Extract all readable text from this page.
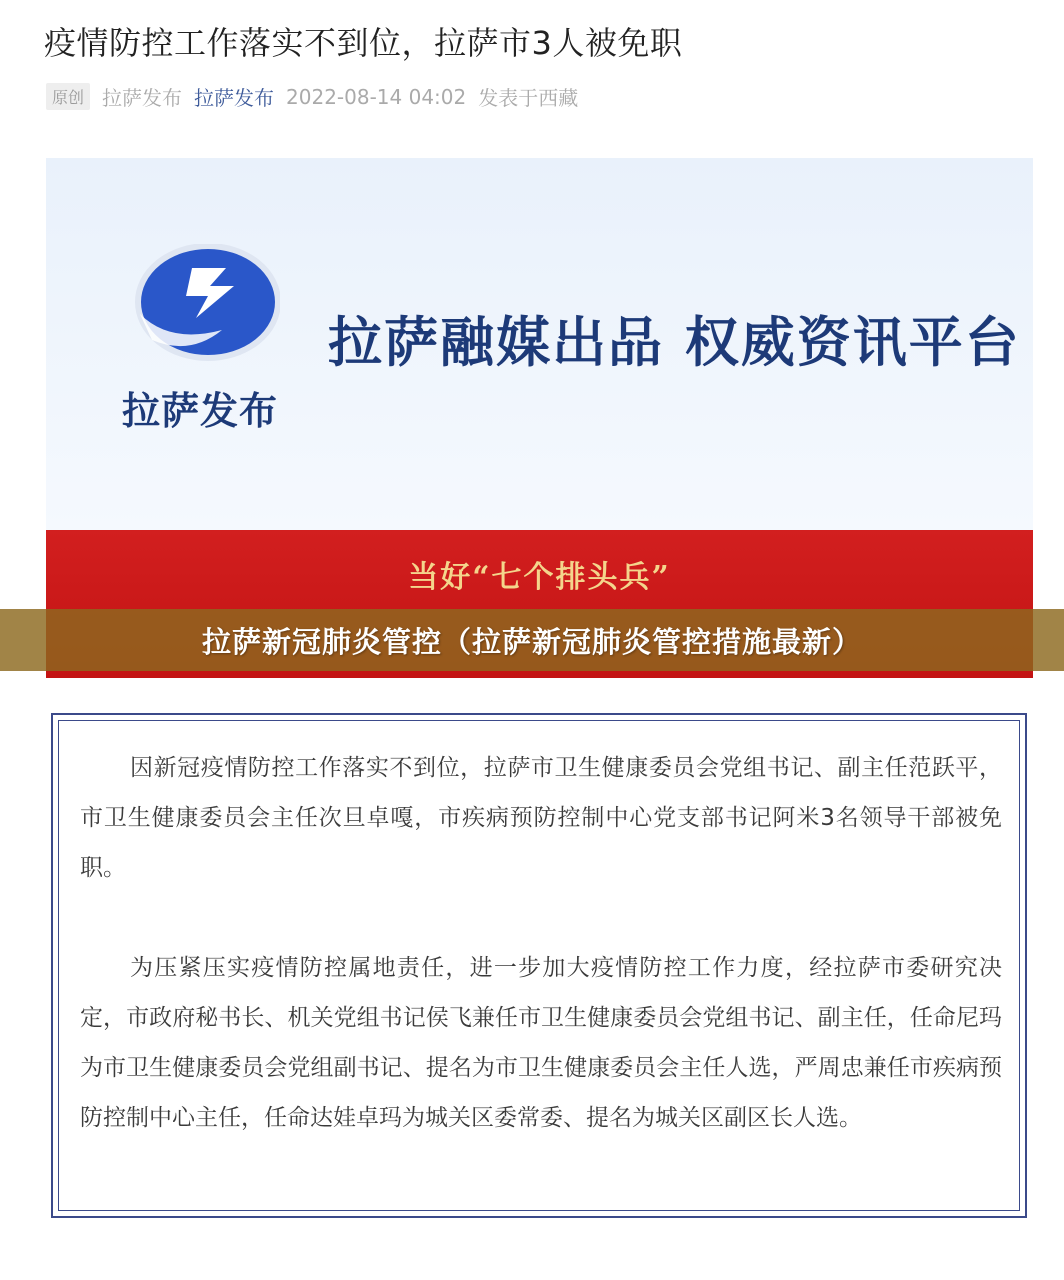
疫情防控工作落实不到位，拉萨市3人被免职
原创 拉萨发布 拉萨发布 2022-08-14 04:02 发表于西藏
拉萨发布
拉萨融媒出品 权威资讯平台
当好“七个排头兵”
拉萨新冠肺炎管控（拉萨新冠肺炎管控措施最新）
因新冠疫情防控工作落实不到位，拉萨市卫生健康委员会党组书记、副主任范跃平，市卫生健康委员会主任次旦卓嘎，市疾病预防控制中心党支部书记阿米3名领导干部被免职。
为压紧压实疫情防控属地责任，进一步加大疫情防控工作力度，经拉萨市委研究决定，市政府秘书长、机关党组书记侯飞兼任市卫生健康委员会党组书记、副主任，任命尼玛为市卫生健康委员会党组副书记、提名为市卫生健康委员会主任人选，严周忠兼任市疾病预防控制中心主任，任命达娃卓玛为城关区委常委、提名为城关区副区长人选。
